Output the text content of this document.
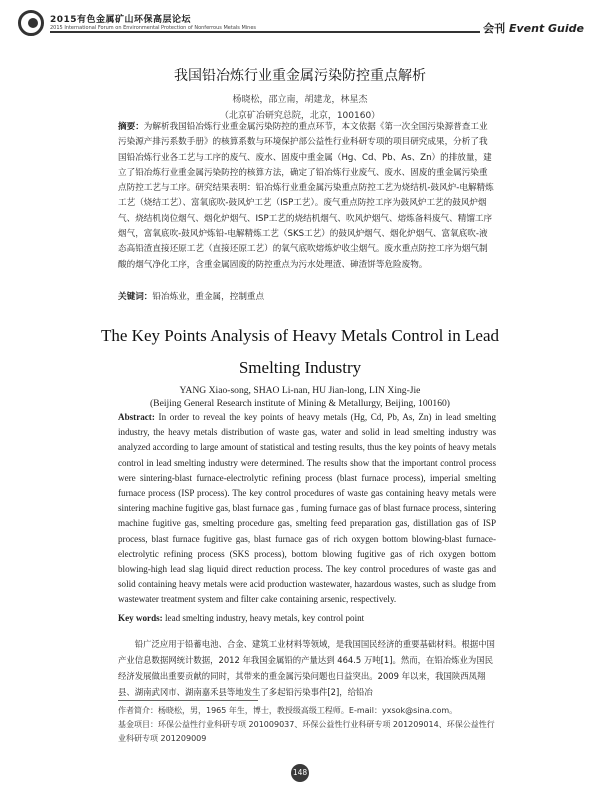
2015有色金属矿山环保高层论坛
2015 International Forum on Environmental Protection of Nonferrous Metals Mines	会刊 Event Guide
我国铅冶炼行业重金属污染防控重点解析
杨晓松，邵立南，胡建龙，林星杰
（北京矿冶研究总院，北京，100160）
摘要：为解析我国铅冶炼行业重金属污染防控的重点环节，本文依据《第一次全国污染源普查工业污染源产排污系数手册》的核算系数与环境保护部公益性行业科研专项的项目研究成果，分析了我国铅冶炼行业各工艺与工序的废气、废水、固废中重金属（Hg、Cd、Pb、As、Zn）的排放量，建立了铅冶炼行业重金属污染防控的核算方法，确定了铅冶炼行业废气、废水、固废的重金属污染重点防控工艺与工序。研究结果表明：铅冶炼行业重金属污染重点防控工艺为烧结机-鼓风炉-电解精炼工艺（烧结工艺）、富氧底吹-鼓风炉工艺（ISP工艺）。废气重点防控工序为鼓风炉工艺的鼓风炉烟气、烧结机岗位烟气、烟化炉烟气、ISP工艺的烧结机烟气、吹风炉烟气、熔炼备料废气、精馏工序烟气，富氧底吹-鼓风炉炼铅-电解精炼工艺（SKS工艺）的鼓风炉烟气、烟化炉烟气、富氧底吹-液态高铅渣直接还原工艺（直接还原工艺）的氧气底吹熔炼炉收尘烟气。废水重点防控工序为烟气制酸的烟气净化工序，含重金属固废的防控重点为污水处理渣、砷渣饼等危险废物。
关键词：铅冶炼业，重金属，控制重点
The Key Points Analysis of Heavy Metals Control in Lead
Smelting Industry
YANG Xiao-song, SHAO Li-nan, HU Jian-long, LIN Xing-Jie
(Beijing General Research institute of Mining & Metallurgy, Beijing, 100160)
Abstract: In order to reveal the key points of heavy metals (Hg, Cd, Pb, As, Zn) in lead smelting industry, the heavy metals distribution of waste gas, water and solid in lead smelting industry was analyzed according to large amount of statistical and testing results, thus the key points of heavy metals control in lead smelting industry were determined. The results show that the important control process were sintering-blast furnace-electrolytic refining process (blast furnace process), imperial smelting furnace process (ISP process). The key control procedures of waste gas containing heavy metals were sintering machine fugitive gas, blast furnace gas , fuming furnace gas of blast furnace process, sintering machine fugitive gas, smelting procedure gas, smelting feed preparation gas, distillation gas of ISP process, blast furnace fugitive gas, blast furnace gas of rich oxygen bottom blowing-blast furnace-electrolytic refining process (SKS process), bottom blowing fugitive gas of rich oxygen bottom blowing-high lead slag liquid direct reduction process. The key control procedures of waste gas and solid containing heavy metals were acid production wastewater, hazardous wastes, such as sludge from wastewater treatment system and filter cake containing arsenic, respectively.
Key words: lead smelting industry, heavy metals, key control point
铅广泛应用于铅蓄电池、合金、建筑工业材料等领域，是我国国民经济的重要基础材料。根据中国产业信息数据网统计数据，2012 年我国金属铅的产量达到 464.5 万吨[1]。然而，在铅冶炼业为国民经济发展做出重要贡献的同时，其带来的重金属污染问题也日益突出。2009 年以来，我国陕西凤翔县、湖南武冈市、湖南嘉禾县等地发生了多起铅污染事件[2]，给铅冶
作者简介：杨晓松，男，1965 年生，博士，教授级高级工程师。E-mail：yxsok@sina.com。
基金项目：环保公益性行业科研专项 201009037、环保公益性行业科研专项 201209014、环保公益性行业科研专项 201209009
148
